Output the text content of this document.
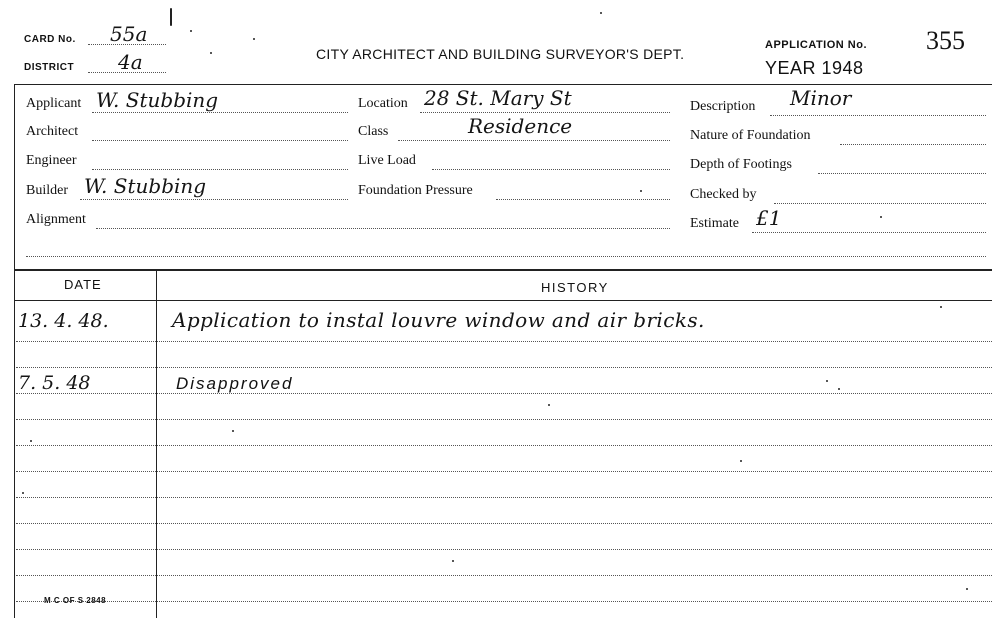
CARD No. 55a
DISTRICT 4a	CITY ARCHITECT AND BUILDING SURVEYOR'S DEPT.
APPLICATION No. 355
YEAR 1948
Applicant W. Stubbing
Architect
Engineer
Builder W. Stubbing
Alignment
Location 28 St. Mary St
Class	Residence
Live Load
Foundation Pressure
Description Minor
Nature of Foundation
Depth of Footings
Checked by
Estimate £1
DATE	HISTORY
13. 4. 48.	Application to instal louvre window and air bricks.
7. 5. 48	Disapproved
M C OF S 2848
